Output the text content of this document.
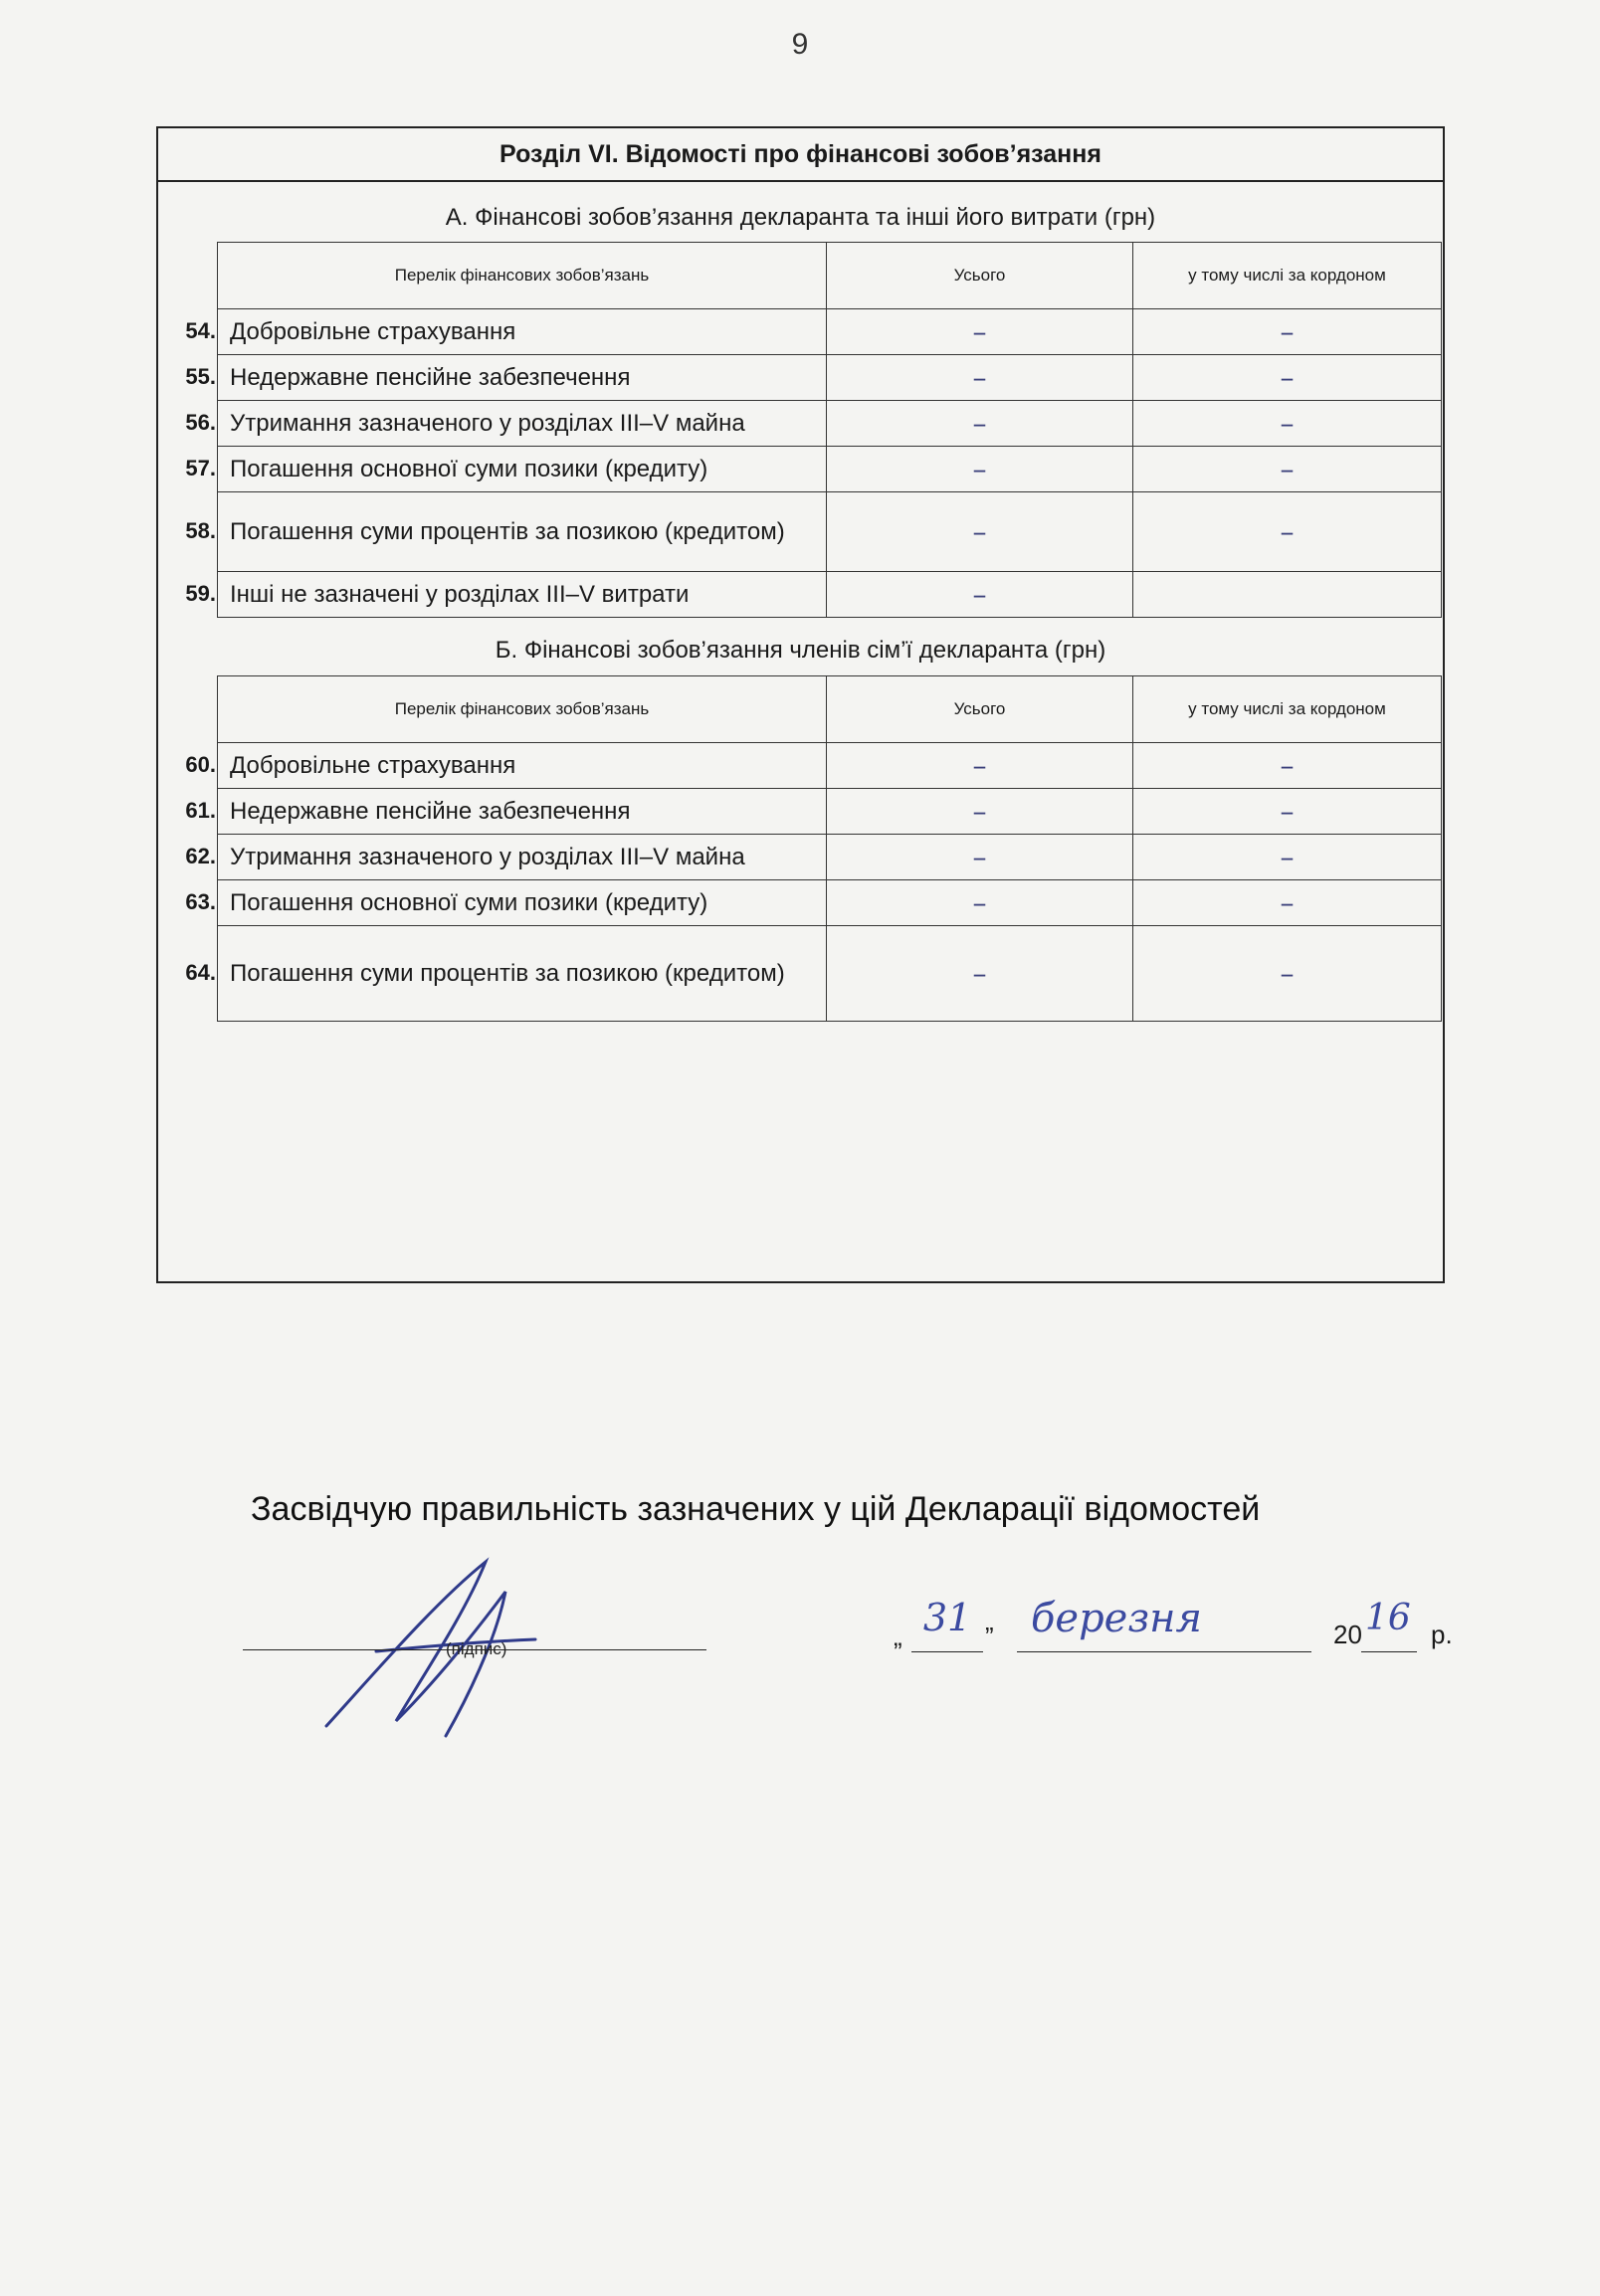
9
Розділ VI. Відомості про фінансові зобов’язання
А. Фінансові зобов’язання декларанта та інші його витрати (грн)
Перелік фінансових зобов’язань	Усього	у тому числі за кордоном

54. Добровільне страхування	–	–

55. Недержавне пенсійне забезпечення	–	–

56. Утримання зазначеного у розділах III–V майна	–	–

57. Погашення основної суми позики (кредиту)	–	–

58. Погашення суми процентів за позикою (кредитом)	–	–

59. Інші не зазначені у розділах III–V витрати	–	
Б. Фінансові зобов’язання членів сім’ї декларанта (грн)
Перелік фінансових зобов’язань	Усього	у тому числі за кордоном

60. Добровільне страхування	–	–

61. Недержавне пенсійне забезпечення	–	–

62. Утримання зазначеного у розділах III–V майна	–	–

63. Погашення основної суми позики (кредиту)	–	–

64. Погашення суми процентів за позикою (кредитом)	–	–
Засвідчую правильність зазначених у цій Декларації відомостей
(підпис)	„ 31 ” березня	20 16 р.
